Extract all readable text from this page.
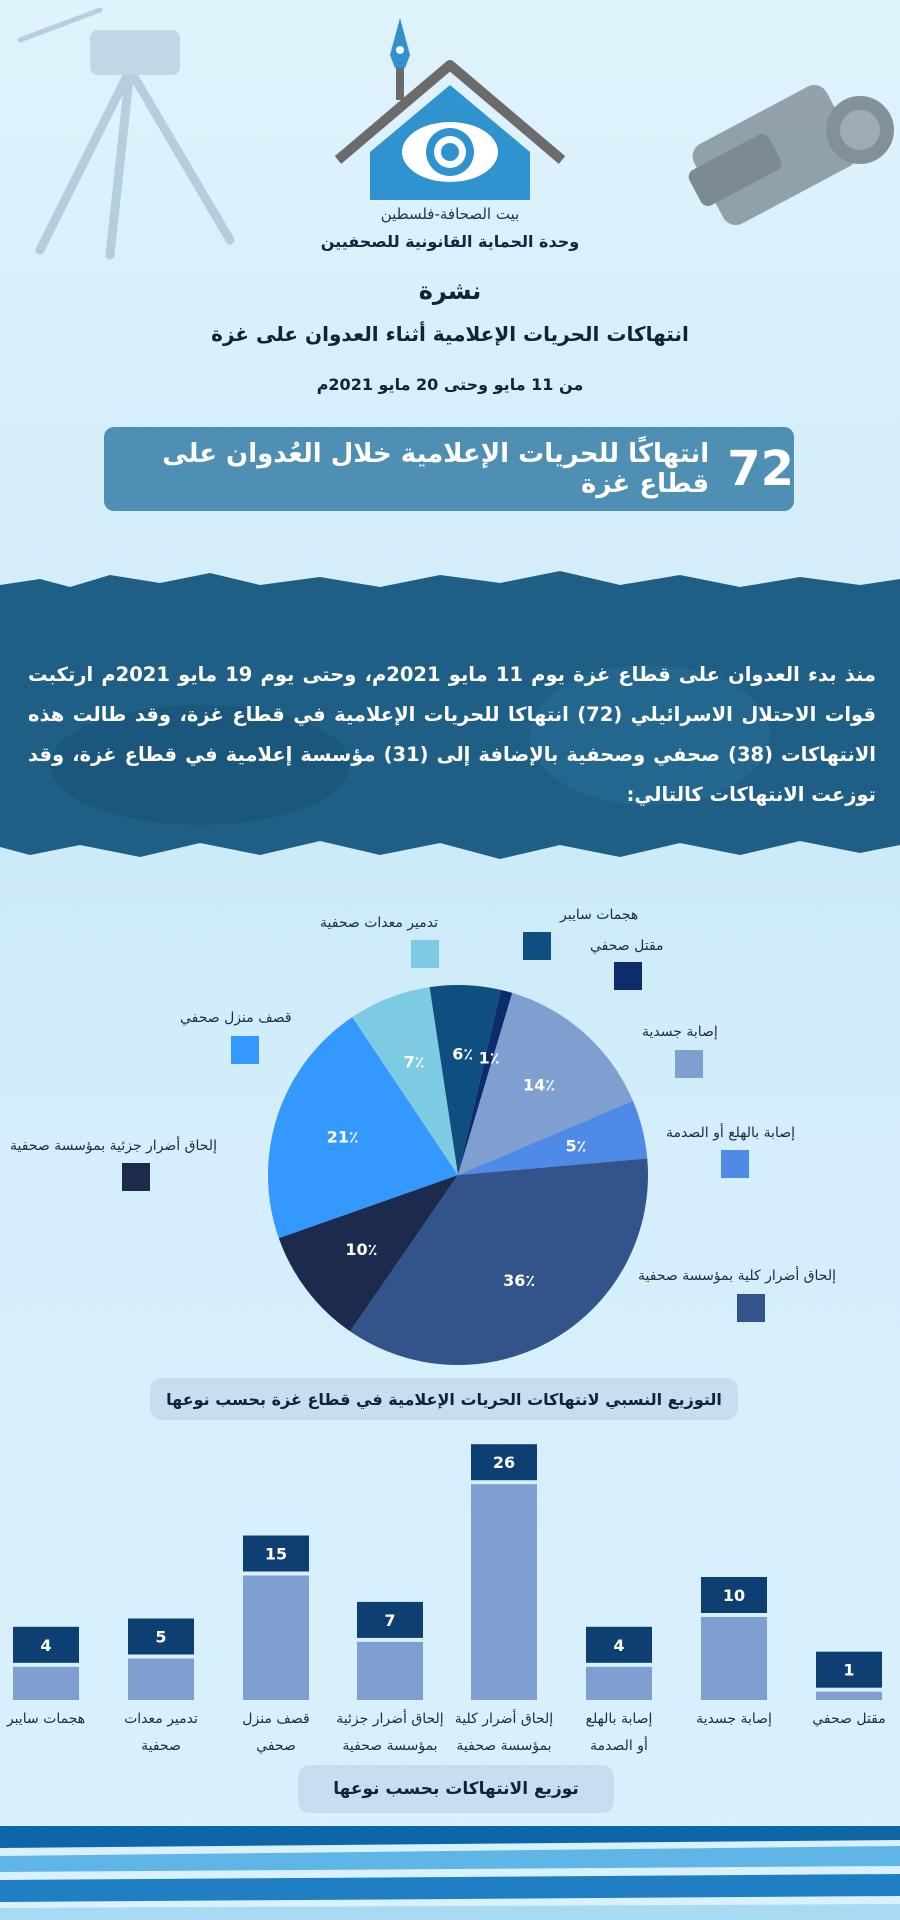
بيت الصحافة-فلسطين
وحدة الحماية القانونية للصحفيين
نشرة
انتهاكات الحريات الإعلامية أثناء العدوان على غزة
من 11 مايو وحتى 20 مايو 2021م
72
انتهاكًا للحريات الإعلامية خلال العُدوان على قطاع غزة
منذ بدء العدوان على قطاع غزة يوم 11 مايو 2021م، وحتى يوم 19 مايو 2021م ارتكبت قوات الاحتلال الاسرائيلي (72) انتهاكا للحريات الإعلامية في قطاع غزة، وقد طالت هذه الانتهاكات (38) صحفي وصحفية بالإضافة إلى (31) مؤسسة إعلامية في قطاع غزة، وقد توزعت الانتهاكات كالتالي:
1٪
14٪
5٪
36٪
10٪
21٪
7٪ 6٪
هجمات سايبر
تدمير معدات صحفية
مقتل صحفي
إصابة جسدية
قصف منزل صحفي
إصابة بالهلع أو الصدمة
إلحاق أضرار جزئية بمؤسسة صحفية
إلحاق أضرار كلية بمؤسسة صحفية
التوزيع النسبي لانتهاكات الحريات الإعلامية في قطاع غزة بحسب نوعها
1
10
4
26
7
15
5
4
مقتل صحفي
إصابة جسدية
إصابة بالهلع
أو الصدمة
إلحاق أضرار كلية
بمؤسسة صحفية
إلحاق أضرار جزئية
بمؤسسة صحفية
قصف منزل
صحفي
تدمير معدات
صحفية
هجمات سايبر
توزيع الانتهاكات بحسب نوعها
